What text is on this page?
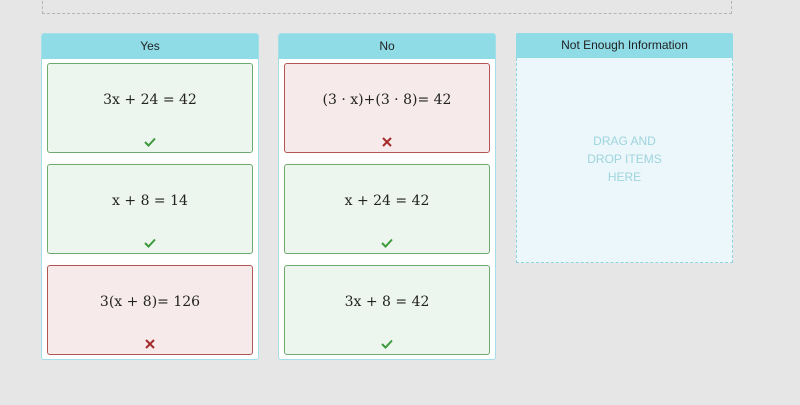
Yes
3x + 24 = 42
x + 8 = 14
3(x + 8)= 126
No
(3 · x)+(3 · 8)= 42
x + 24 = 42
3x + 8 = 42
Not Enough Information
DRAG AND
DROP ITEMS
HERE
